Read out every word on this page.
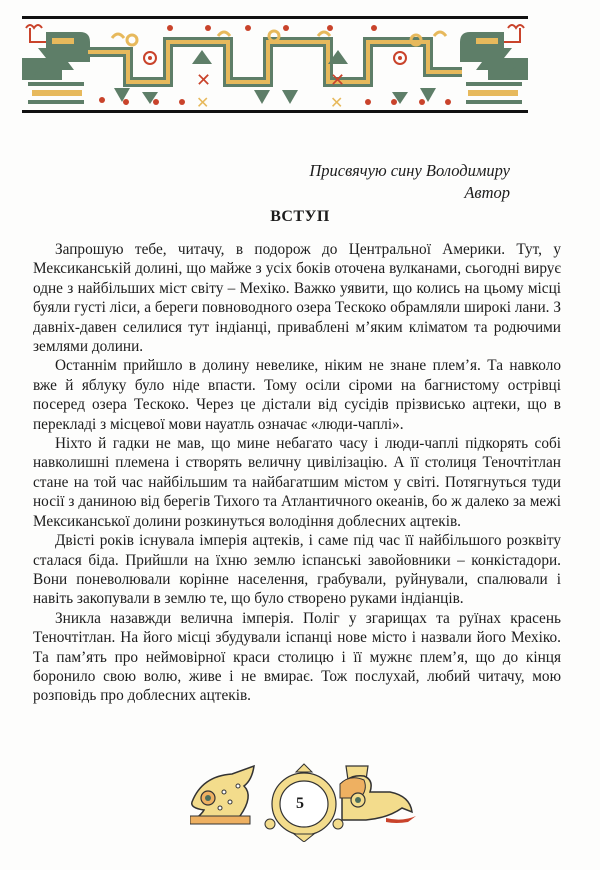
✕	✕
✕	✕
✕	✕
Присвячую сину Володимиру
Автор
ВСТУП

Запрошую тебе, читачу, в подорож до Центральної Америки. Тут, у Мексиканській долині, що майже з усіх боків оточена вулканами, сьогодні вирує одне з найбільших міст світу – Мехіко. Важко уявити, що колись на цьому місці буяли густі ліси, а береги повноводного озера Тескоко обрамляли широкі лани. З давніх-давен селилися тут індіанці, приваблені м’яким кліматом та родючими землями долини.

Останнім прийшло в долину невелике, ніким не знане плем’я. Та навколо вже й яблуку було ніде впасти. Тому осіли сіроми на багнистому острівці посеред озера Тескоко. Через це дістали від сусідів прізвисько ацтеки, що в перекладі з місцевої мови науатль означає «люди-чаплі».

Ніхто й гадки не мав, що мине небагато часу і люди-чаплі підкорять собі навколишні племена і створять величну цивілізацію. А її столиця Теночтітлан стане на той час найбільшим та найбагатшим містом у світі. Потягнуться туди носії з даниною від берегів Тихого та Атлантичного океанів, бо ж далеко за межі Мексиканської долини розкинуться володіння доблесних ацтеків.

Двісті років існувала імперія ацтеків, і саме під час її найбільшого розквіту сталася біда. Прийшли на їхню землю іспанські завойовники – конкістадори. Вони поневолювали корінне населення, грабували, руйнували, спалювали і навіть закопували в землю те, що було створено руками індіанців.

Зникла назавжди велична імперія. Поліг у згарищах та руїнах красень Теночтітлан. На його місці збудували іспанці нове місто і назвали його Мехіко. Та пам’ять про неймовірної краси столицю і її мужнє плем’я, що до кінця боронило свою волю, живе і не вмирає. Тож послухай, любий читачу, мою розповідь про доблесних ацтеків.

5
